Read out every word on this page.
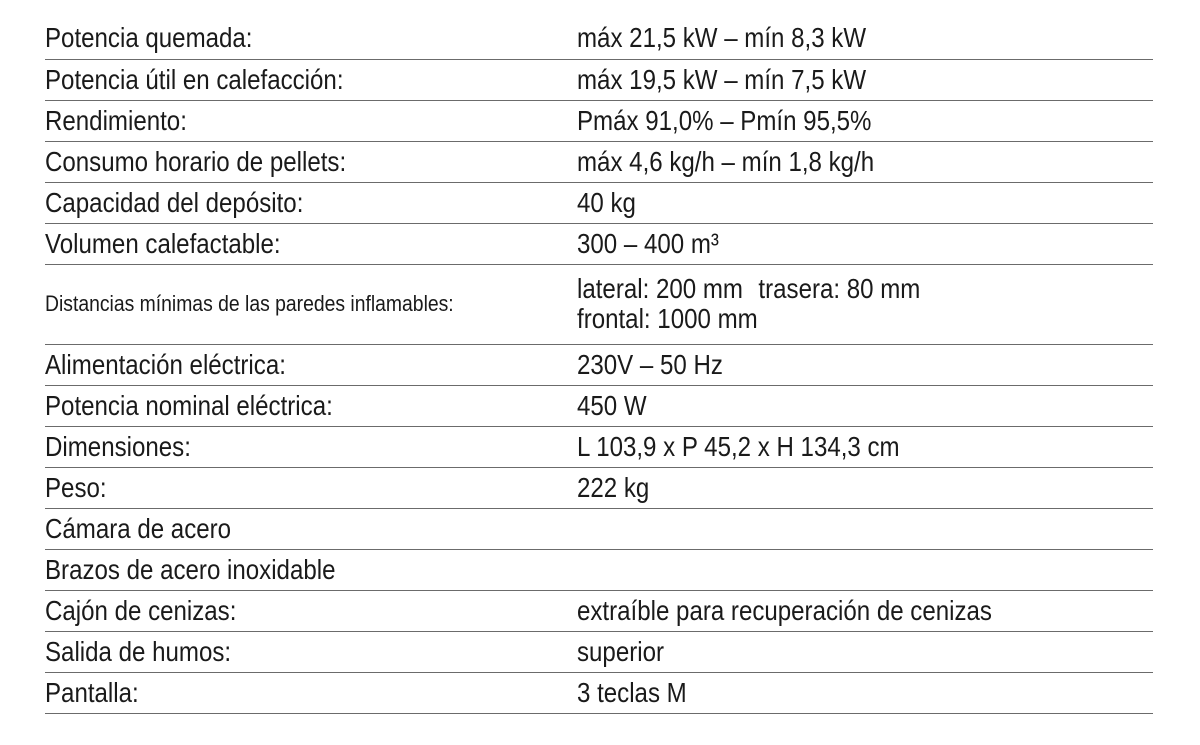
Potencia quemada:	máx 21,5 kW – mín 8,3 kW
Potencia útil en calefacción:	máx 19,5 kW – mín 7,5 kW
Rendimiento:	Pmáx 91,0% – Pmín 95,5%
Consumo horario de pellets:	máx 4,6 kg/h – mín 1,8 kg/h
Capacidad del depósito:	40 kg
Volumen calefactable:	300 – 400 m³
Distancias mínimas de las paredes inflamables:	lateral: 200 mm trasera: 80 mm
frontal: 1000 mm

Alimentación eléctrica:	230V – 50 Hz
Potencia nominal eléctrica:	450 W
Dimensiones:	L 103,9 x P 45,2 x H 134,3 cm
Peso:	222 kg
Cámara de acero	
Brazos de acero inoxidable	
Cajón de cenizas:	extraíble para recuperación de cenizas
Salida de humos:	superior
Pantalla:	3 teclas M
